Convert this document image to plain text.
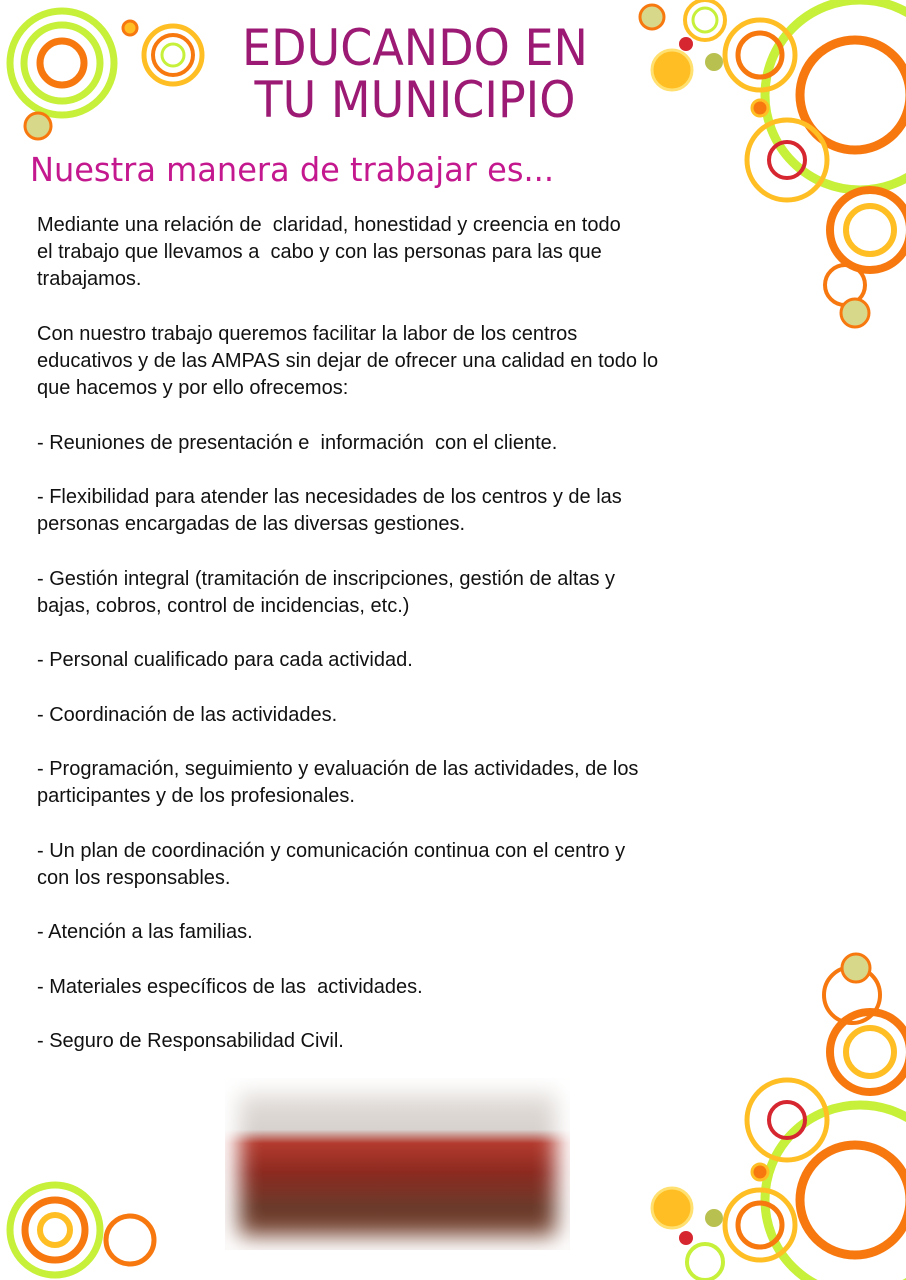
EDUCANDO EN
TU MUNICIPIO
Nuestra manera de trabajar es...
Mediante una relación de  claridad, honestidad y creencia en todo
el trabajo que llevamos a  cabo y con las personas para las que
trabajamos.
Con nuestro trabajo queremos facilitar la labor de los centros
educativos y de las AMPAS sin dejar de ofrecer una calidad en todo lo
que hacemos y por ello ofrecemos:
- Reuniones de presentación e  información  con el cliente.
- Flexibilidad para atender las necesidades de los centros y de las
personas encargadas de las diversas gestiones.
- Gestión integral (tramitación de inscripciones, gestión de altas y
bajas, cobros, control de incidencias, etc.)
- Personal cualificado para cada actividad.
- Coordinación de las actividades.
- Programación, seguimiento y evaluación de las actividades, de los
participantes y de los profesionales.
- Un plan de coordinación y comunicación continua con el centro y
con los responsables.
- Atención a las familias.
- Materiales específicos de las  actividades.
- Seguro de Responsabilidad Civil.
